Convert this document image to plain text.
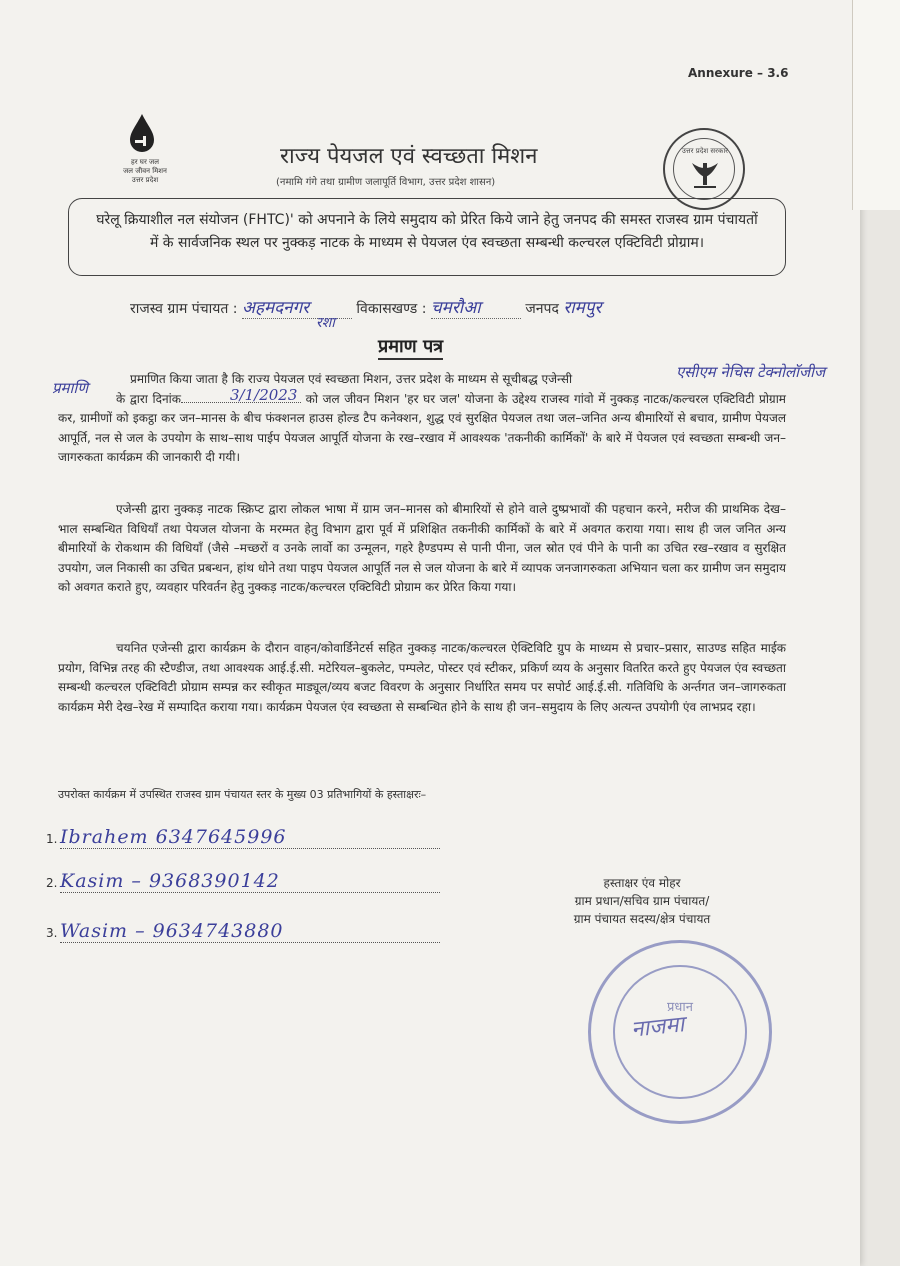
Annexure – 3.6
हर घर जल
जल जीवन मिशन
उत्तर प्रदेश
राज्य पेयजल एवं स्वच्छता मिशन
(नमामि गंगे तथा ग्रामीण जलापूर्ति विभाग, उत्तर प्रदेश शासन)
उत्तर प्रदेश सरकार
घरेलू क्रियाशील नल संयोजन (FHTC)' को अपनाने के लिये समुदाय को प्रेरित किये जाने हेतु जनपद की समस्त राजस्व ग्राम पंचायतों में के सार्वजनिक स्थल पर नुक्कड़ नाटक के माध्यम से पेयजल एंव स्वच्छता सम्बन्धी कल्चरल एक्टिविटी प्रोग्राम।
राजस्व ग्राम पंचायत : अहमदनगर	विकासखण्ड : चमरौआ	जनपद रामपुर
रशा
प्रमाण पत्र
प्रमाणि
एसीएम नेचिस टेक्नोलॉजीज
3/1/2023
प्रमाणित किया जाता है कि राज्य पेयजल एवं स्वच्छता मिशन, उत्तर प्रदेश के माध्यम से सूचीबद्ध एजेन्सी
के द्वारा दिनांक	को जल जीवन मिशन 'हर घर जल' योजना के उद्देश्य राजस्व गांवो में नुक्कड़ नाटक/कल्चरल एक्टिविटी प्रोग्राम कर, ग्रामीणों को इकट्ठा कर जन–मानस के बीच फंक्शनल हाउस होल्ड टैप कनेक्शन, शुद्ध एवं सुरक्षित पेयजल तथा जल–जनित अन्य बीमारियों से बचाव, ग्रामीण पेयजल आपूर्ति, नल से जल के उपयोग के साथ–साथ पाईप पेयजल आपूर्ति योजना के रख–रखाव में आवश्यक 'तकनीकी कार्मिकों' के बारे में पेयजल एवं स्वच्छता सम्बन्धी जन–जागरुकता कार्यक्रम की जानकारी दी गयी।
एजेन्सी द्वारा नुक्कड़ नाटक स्क्रिप्ट द्वारा लोकल भाषा में ग्राम जन–मानस को बीमारियों से होने वाले दुष्प्रभावों की पहचान करने, मरीज की प्राथमिक देख–भाल सम्बन्धित विधियाँ तथा पेयजल योजना के मरम्मत हेतु विभाग द्वारा पूर्व में प्रशिक्षित तकनीकी कार्मिकों के बारे में अवगत कराया गया। साथ ही जल जनित अन्य बीमारियों के रोकथाम की विधियाँ (जैसे –मच्छरों व उनके लार्वो का उन्मूलन, गहरे हैण्डपम्प से पानी पीना, जल स्रोत एवं पीने के पानी का उचित रख–रखाव व सुरक्षित उपयोग, जल निकासी का उचित प्रबन्धन, हांथ धोने तथा पाइप पेयजल आपूर्ति नल से जल योजना के बारे में व्यापक जनजागरुकता अभियान चला कर ग्रामीण जन समुदाय को अवगत कराते हुए, व्यवहार परिवर्तन हेतु नुक्कड़ नाटक/कल्चरल एक्टिविटी प्रोग्राम कर प्रेरित किया गया।
चयनित एजेन्सी द्वारा कार्यक्रम के दौरान वाहन/कोवार्डिनेटर्स सहित नुक्कड़ नाटक/कल्चरल ऐक्टिविटि ग्रुप के माध्यम से प्रचार–प्रसार, साउण्ड सहित माईक प्रयोग, विभिन्न तरह की स्टैण्डीज, तथा आवश्यक आई.ई.सी. मटेरियल–बुकलेट, पम्पलेट, पोस्टर एवं स्टीकर, प्रकिर्ण व्यय के अनुसार वितरित करते हुए पेयजल एंव स्वच्छता सम्बन्धी कल्चरल एक्टिविटी प्रोग्राम सम्पन्न कर स्वीकृत माड्यूल/व्यय बजट विवरण के अनुसार निर्धारित समय पर सपोर्ट आई.ई.सी. गतिविधि के अर्न्तगत जन–जागरुकता कार्यक्रम मेरी देख–रेख में सम्पादित कराया गया। कार्यक्रम पेयजल एंव स्वच्छता से सम्बन्धित होने के साथ ही जन–समुदाय के लिए अत्यन्त उपयोगी एंव लाभप्रद रहा।
उपरोक्त कार्यक्रम में उपस्थित राजस्व ग्राम पंचायत स्तर के मुख्य 03 प्रतिभागियों के हस्ताक्षरः–
1. Ibrahem 6347645996
2. Kasim – 9368390142
3. Wasim – 9634743880
हस्ताक्षर एंव मोहर
ग्राम प्रधान/सचिव ग्राम पंचायत/
ग्राम पंचायत सदस्य/क्षेत्र पंचायत
प्रधान
नाजमा
